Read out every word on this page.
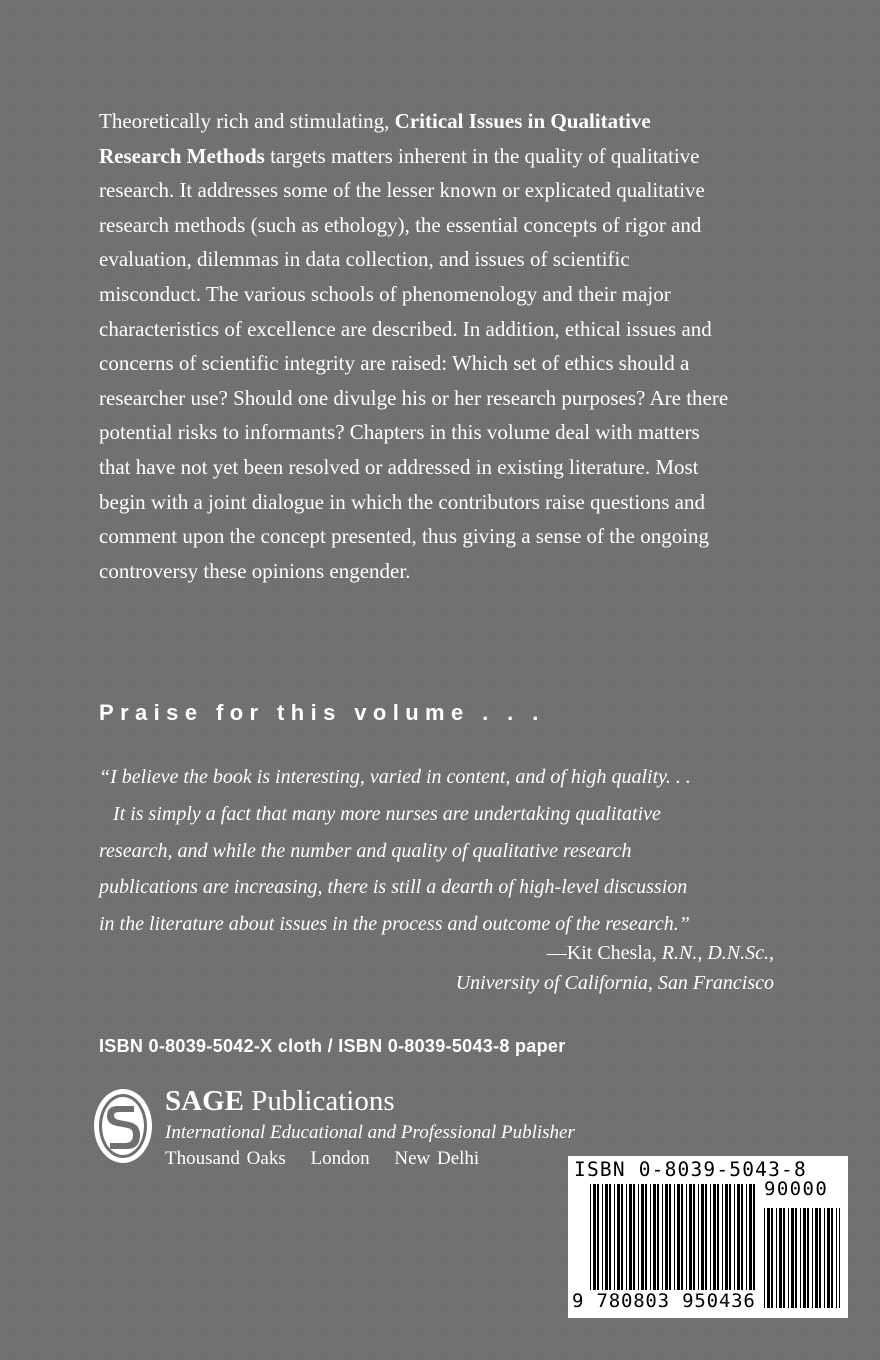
Theoretically rich and stimulating, Critical Issues in Qualitative Research Methods targets matters inherent in the quality of qualitative research. It addresses some of the lesser known or explicated qualitative research methods (such as ethology), the essential concepts of rigor and evaluation, dilemmas in data collection, and issues of scientific misconduct. The various schools of phenomenology and their major characteristics of excellence are described. In addition, ethical issues and concerns of scientific integrity are raised: Which set of ethics should a researcher use? Should one divulge his or her research purposes? Are there potential risks to informants? Chapters in this volume deal with matters that have not yet been resolved or addressed in existing literature. Most begin with a joint dialogue in which the contributors raise questions and comment upon the concept presented, thus giving a sense of the ongoing controversy these opinions engender.

Praise for this volume . . .

“I believe the book is interesting, varied in content, and of high quality. . .
It is simply a fact that many more nurses are undertaking qualitative
research, and while the number and quality of qualitative research
publications are increasing, there is still a dearth of high-level discussion
in the literature about issues in the process and outcome of the research.”

—Kit Chesla, R.N., D.N.Sc.,
University of California, San Francisco

ISBN 0-8039-5042-X cloth / ISBN 0-8039-5043-8 paper

SAGE Publications
International Educational and Professional Publisher
Thousand Oaks London New Delhi	ISBN 0-8039-5043-8
90000
9 780803 950436
